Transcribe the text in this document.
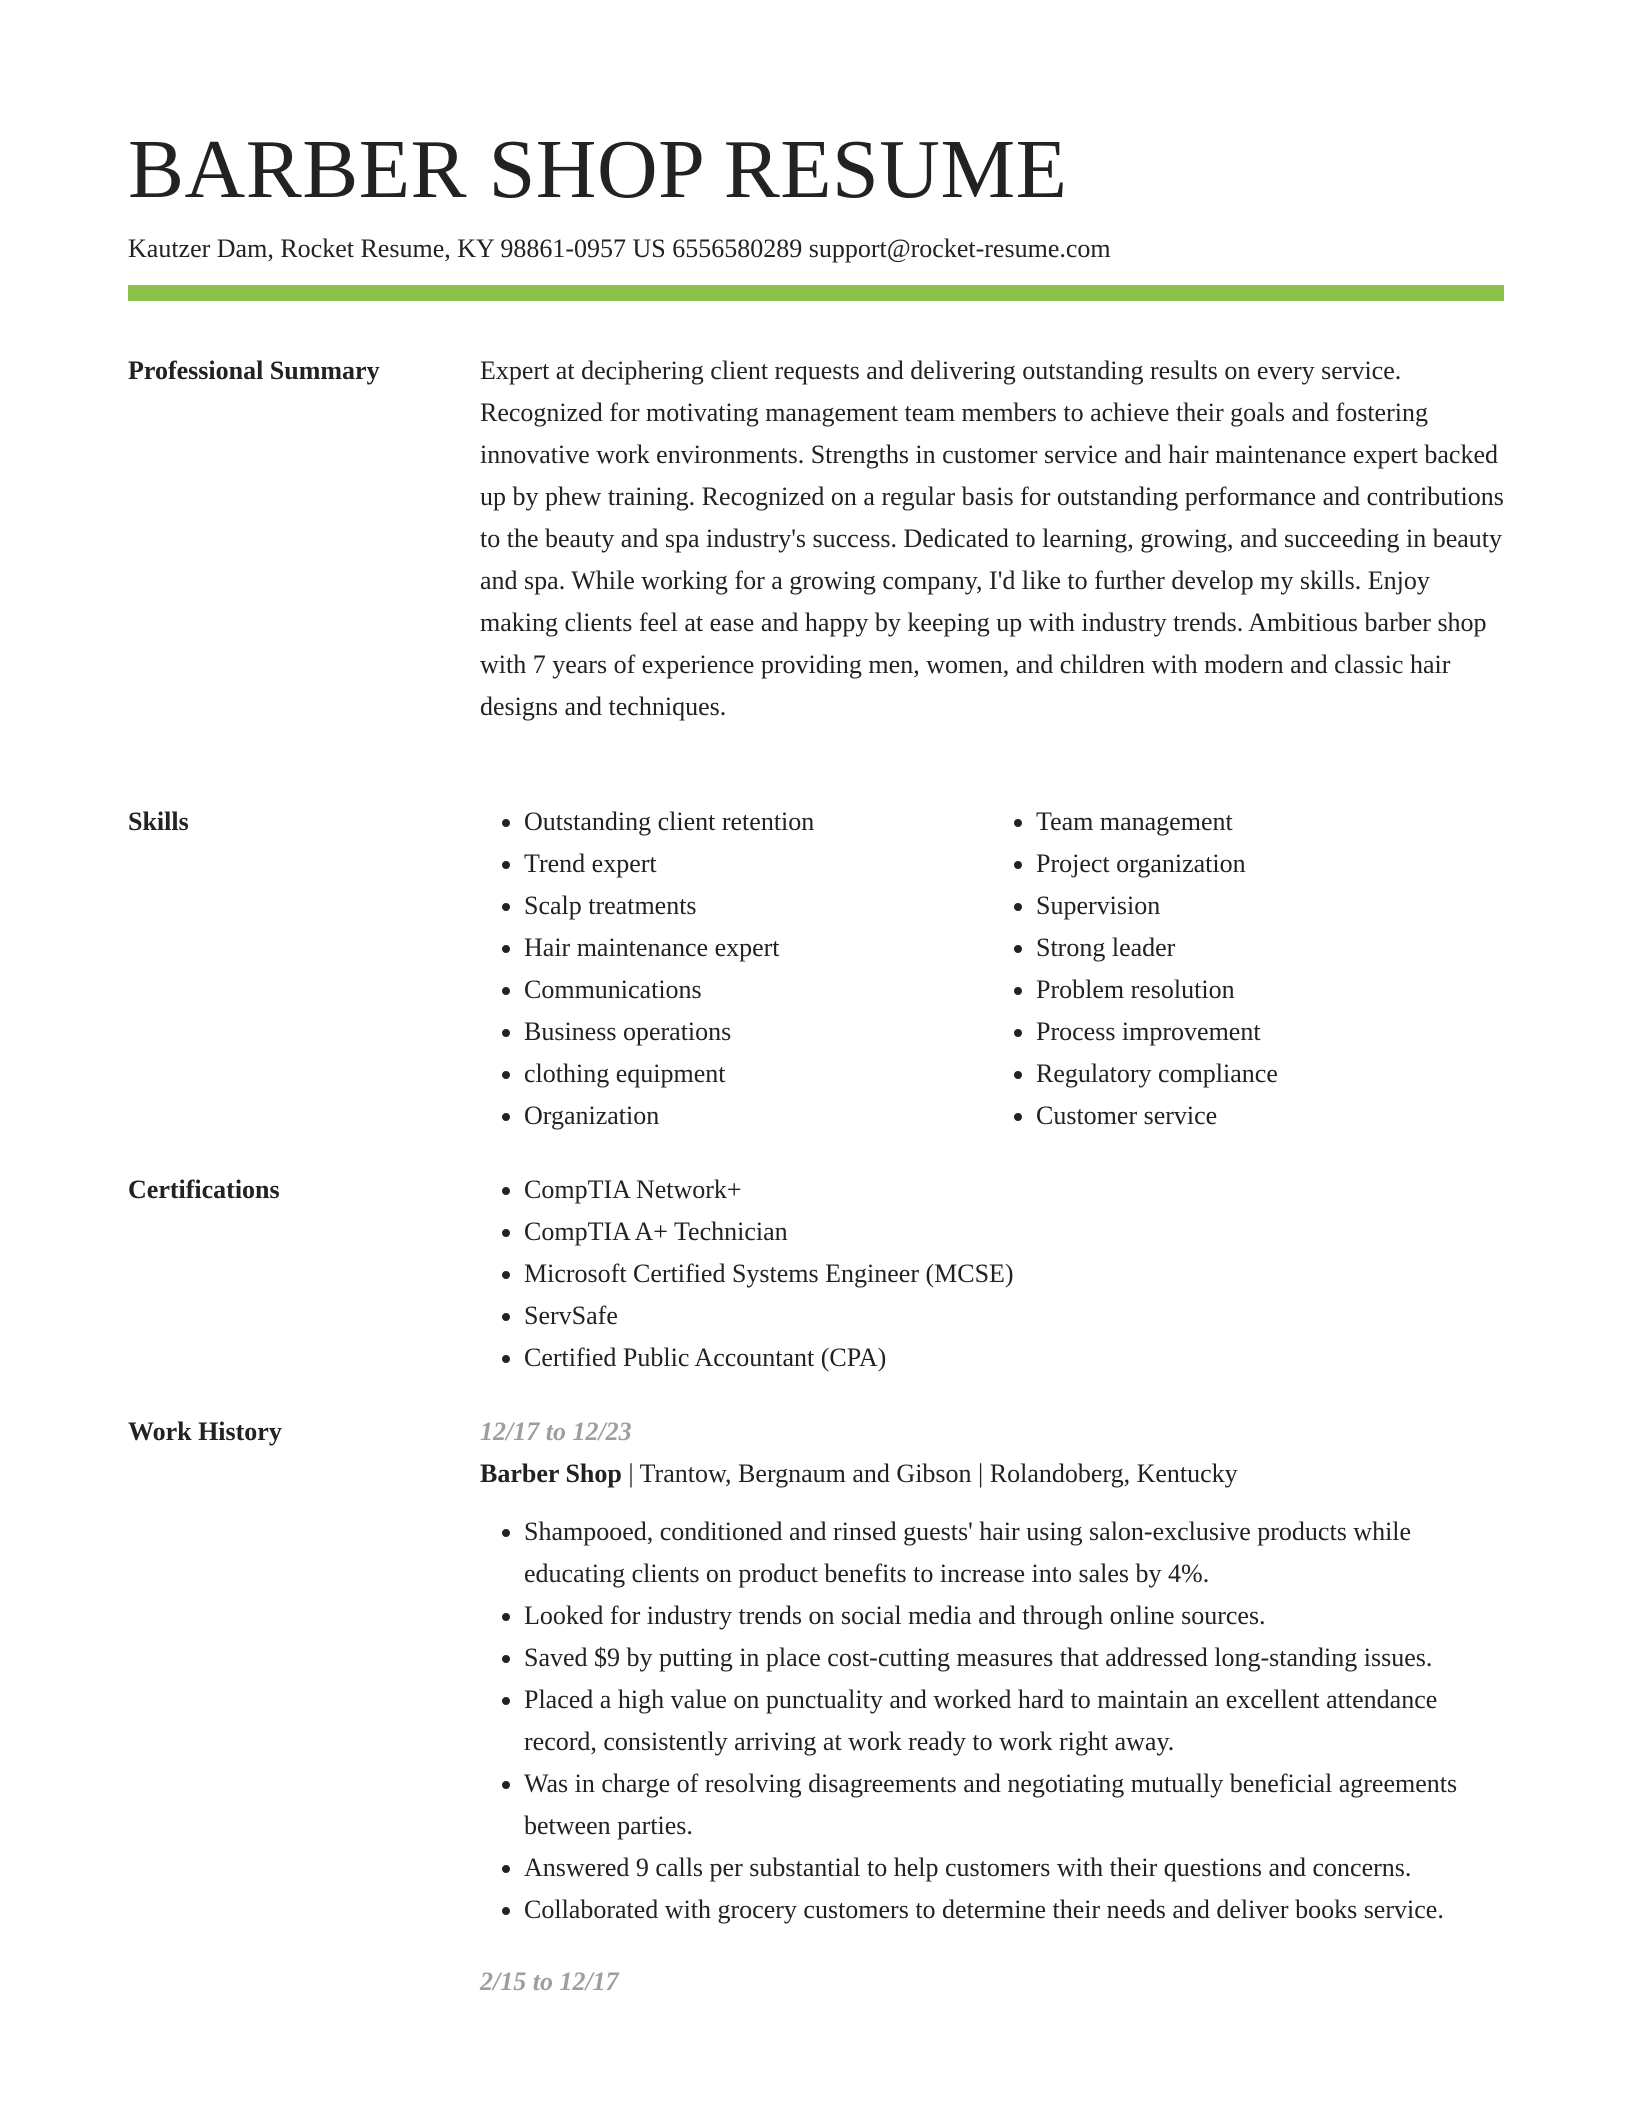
BARBER SHOP RESUME
Kautzer Dam, Rocket Resume, KY 98861-0957 US 6556580289 support@rocket-resume.com
Professional Summary	Expert at deciphering client requests and delivering outstanding results on every service. Recognized for motivating management team members to achieve their goals and fostering innovative work environments. Strengths in customer service and hair maintenance expert backed up by phew training. Recognized on a regular basis for outstanding performance and contributions to the beauty and spa industry's success. Dedicated to learning, growing, and succeeding in beauty and spa. While working for a growing company, I'd like to further develop my skills. Enjoy making clients feel at ease and happy by keeping up with industry trends. Ambitious barber shop with 7 years of experience providing men, women, and children with modern and classic hair designs and techniques.

Skills	• Outstanding client retention
• Trend expert
• Scalp treatments
• Hair maintenance expert
• Communications
• Business operations
• clothing equipment
• Organization
• Team management
• Project organization
• Supervision
• Strong leader
• Problem resolution
• Process improvement
• Regulatory compliance
• Customer service
Certifications	• CompTIA Network+
• CompTIA A+ Technician
• Microsoft Certified Systems Engineer (MCSE)
• ServSafe
• Certified Public Accountant (CPA)
Work History	12/17 to 12/23
Barber Shop | Trantow, Bergnaum and Gibson | Rolandoberg, Kentucky
• Shampooed, conditioned and rinsed guests' hair using salon-exclusive products while educating clients on product benefits to increase into sales by 4%.
• Looked for industry trends on social media and through online sources.
• Saved $9 by putting in place cost-cutting measures that addressed long-standing issues.
• Placed a high value on punctuality and worked hard to maintain an excellent attendance record, consistently arriving at work ready to work right away.
• Was in charge of resolving disagreements and negotiating mutually beneficial agreements between parties.
• Answered 9 calls per substantial to help customers with their questions and concerns.
• Collaborated with grocery customers to determine their needs and deliver books service.
2/15 to 12/17
